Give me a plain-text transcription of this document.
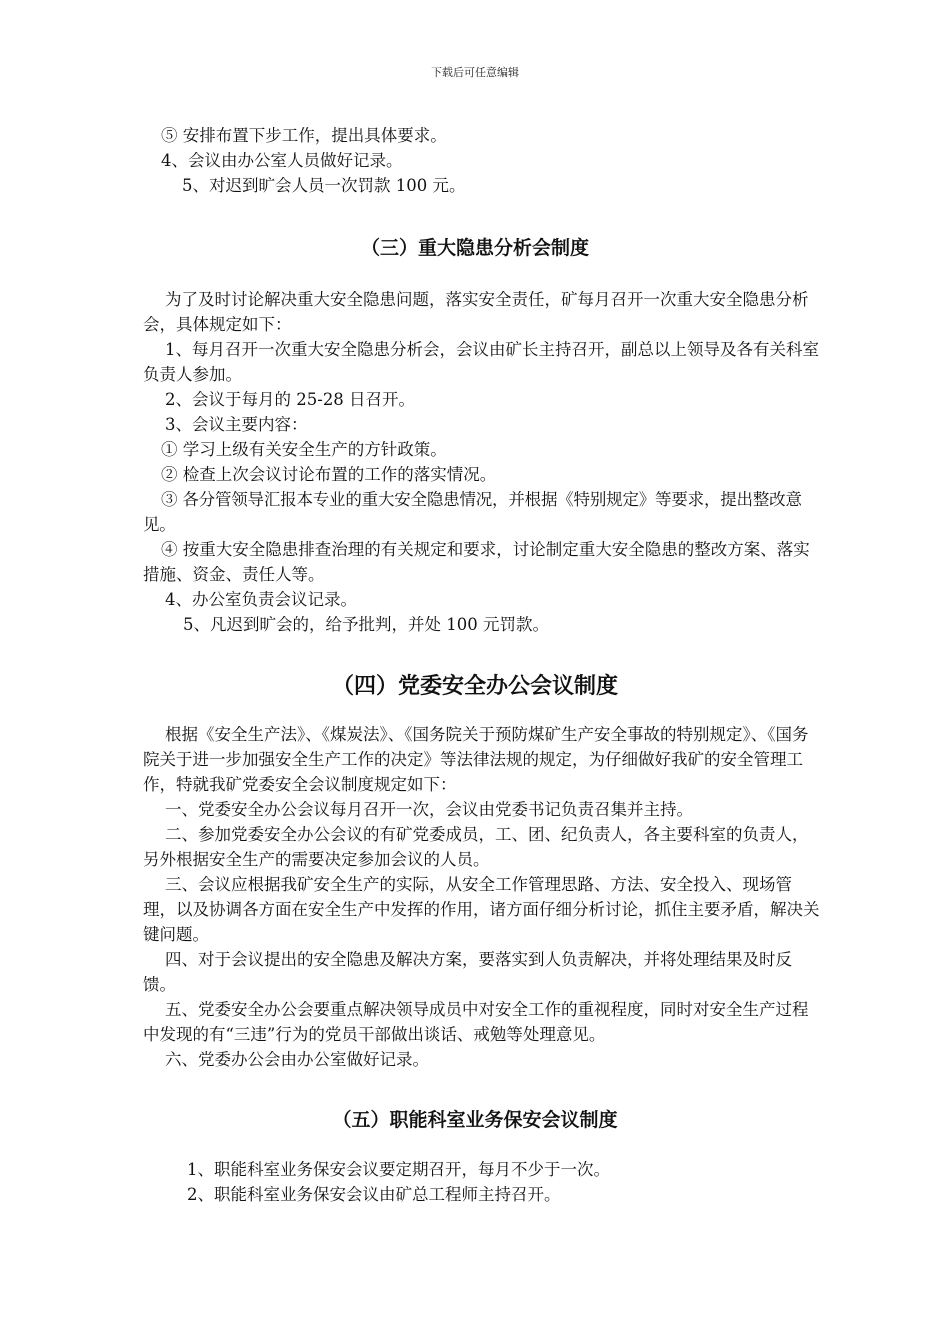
下载后可任意编辑

⑤ 安排布置下步工作，提出具体要求。

4、会议由办公室人员做好记录。

5、对迟到旷会人员一次罚款 100 元。

（三）重大隐患分析会制度

为了及时讨论解决重大安全隐患问题，落实安全责任，矿每月召开一次重大安全隐患分析会，具体规定如下：

1、每月召开一次重大安全隐患分析会，会议由矿长主持召开，副总以上领导及各有关科室负责人参加。

2、会议于每月的 25-28 日召开。

3、会议主要内容：

① 学习上级有关安全生产的方针政策。

② 检查上次会议讨论布置的工作的落实情况。

③ 各分管领导汇报本专业的重大安全隐患情况，并根据《特别规定》等要求，提出整改意见。

④ 按重大安全隐患排查治理的有关规定和要求，讨论制定重大安全隐患的整改方案、落实措施、资金、责任人等。

4、办公室负责会议记录。

5、凡迟到旷会的，给予批判，并处 100 元罚款。

（四）党委安全办公会议制度

根据《安全生产法》、《煤炭法》、《国务院关于预防煤矿生产安全事故的特别规定》、《国务院关于进一步加强安全生产工作的决定》等法律法规的规定，为仔细做好我矿的安全管理工作，特就我矿党委安全会议制度规定如下：

一、党委安全办公会议每月召开一次，会议由党委书记负责召集并主持。

二、参加党委安全办公会议的有矿党委成员，工、团、纪负责人，各主要科室的负责人，另外根据安全生产的需要决定参加会议的人员。

三、会议应根据我矿安全生产的实际，从安全工作管理思路、方法、安全投入、现场管理，以及协调各方面在安全生产中发挥的作用，诸方面仔细分析讨论，抓住主要矛盾，解决关键问题。

四、对于会议提出的安全隐患及解决方案，要落实到人负责解决，并将处理结果及时反馈。

五、党委安全办公会要重点解决领导成员中对安全工作的重视程度，同时对安全生产过程中发现的有“三违”行为的党员干部做出谈话、戒勉等处理意见。

六、党委办公会由办公室做好记录。

（五）职能科室业务保安会议制度

1、职能科室业务保安会议要定期召开，每月不少于一次。

2、职能科室业务保安会议由矿总工程师主持召开。
